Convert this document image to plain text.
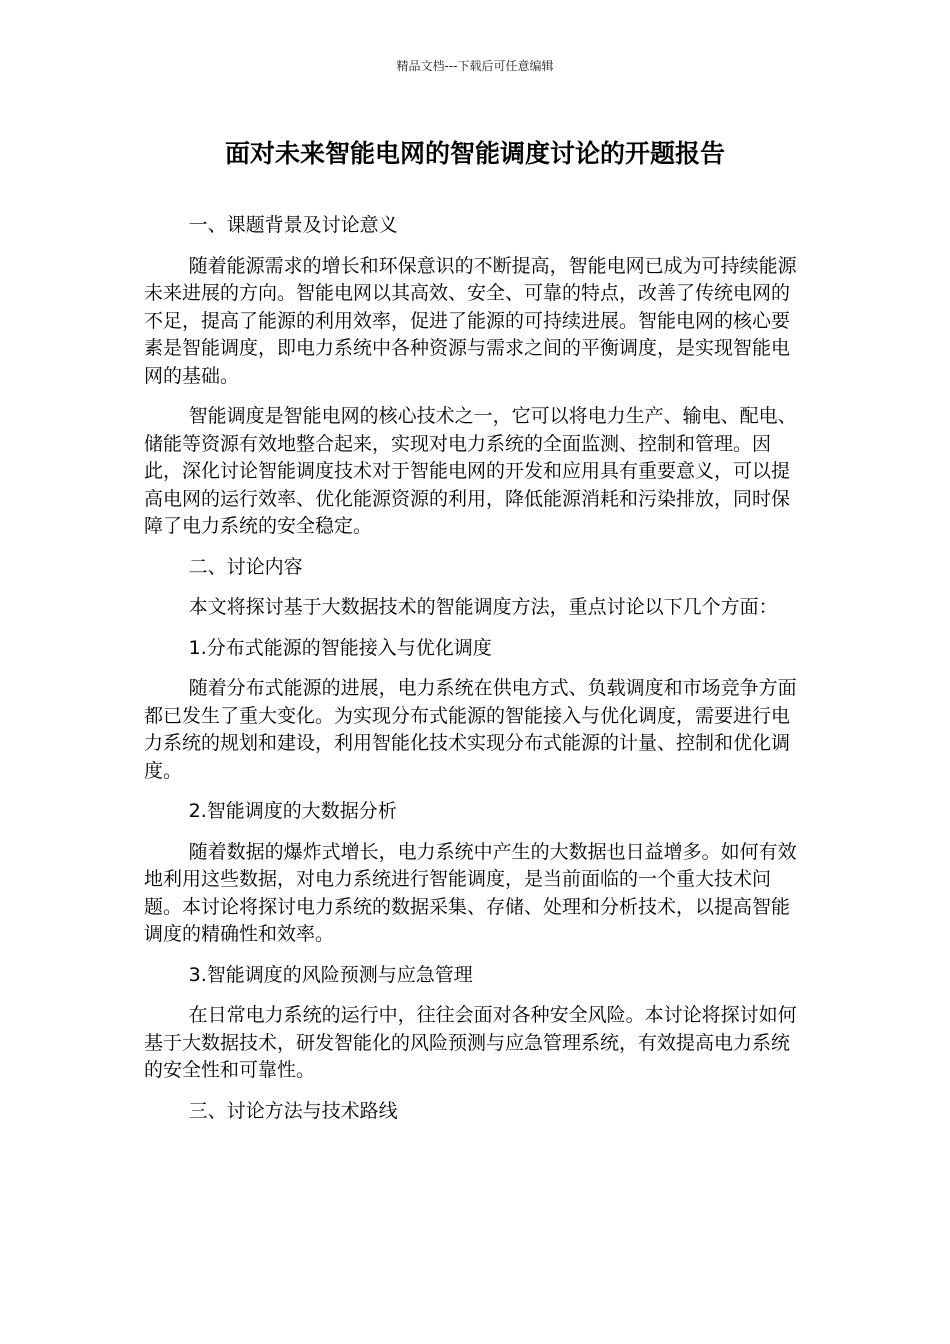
精品文档---下载后可任意编辑
面对未来智能电网的智能调度讨论的开题报告

一、课题背景及讨论意义

随着能源需求的增长和环保意识的不断提高，智能电网已成为可持续能源未来进展的方向。智能电网以其高效、安全、可靠的特点，改善了传统电网的不足，提高了能源的利用效率，促进了能源的可持续进展。智能电网的核心要素是智能调度，即电力系统中各种资源与需求之间的平衡调度，是实现智能电网的基础。

智能调度是智能电网的核心技术之一，它可以将电力生产、输电、配电、储能等资源有效地整合起来，实现对电力系统的全面监测、控制和管理。因此，深化讨论智能调度技术对于智能电网的开发和应用具有重要意义，可以提高电网的运行效率、优化能源资源的利用，降低能源消耗和污染排放，同时保障了电力系统的安全稳定。

二、讨论内容

本文将探讨基于大数据技术的智能调度方法，重点讨论以下几个方面：

1.分布式能源的智能接入与优化调度

随着分布式能源的进展，电力系统在供电方式、负载调度和市场竞争方面都已发生了重大变化。为实现分布式能源的智能接入与优化调度，需要进行电力系统的规划和建设，利用智能化技术实现分布式能源的计量、控制和优化调度。

2.智能调度的大数据分析

随着数据的爆炸式增长，电力系统中产生的大数据也日益增多。如何有效地利用这些数据，对电力系统进行智能调度，是当前面临的一个重大技术问题。本讨论将探讨电力系统的数据采集、存储、处理和分析技术，以提高智能调度的精确性和效率。

3.智能调度的风险预测与应急管理

在日常电力系统的运行中，往往会面对各种安全风险。本讨论将探讨如何基于大数据技术，研发智能化的风险预测与应急管理系统，有效提高电力系统的安全性和可靠性。

三、讨论方法与技术路线
